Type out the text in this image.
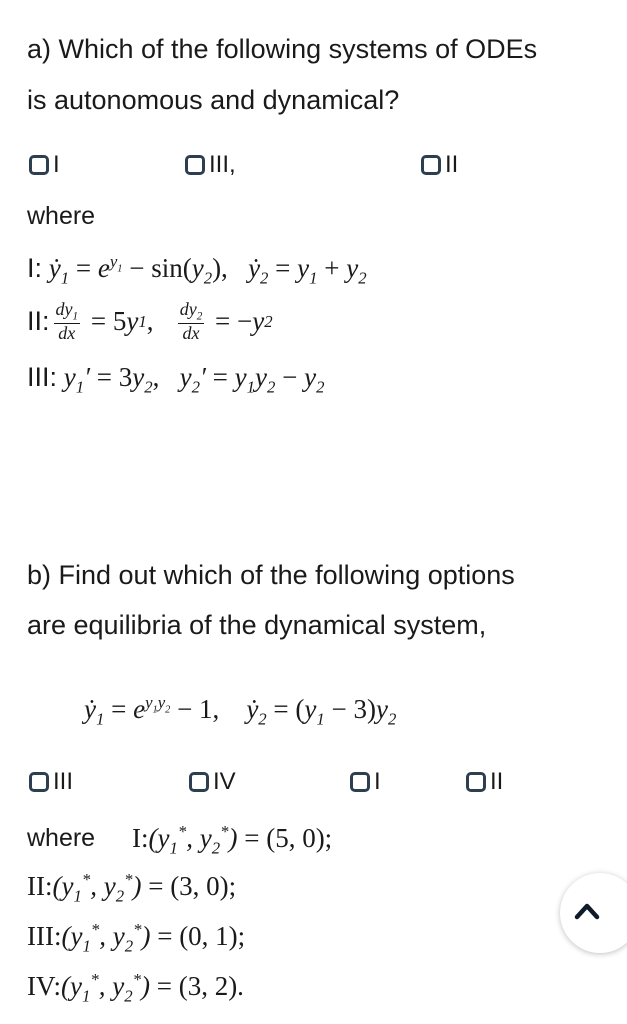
a) Which of the following systems of ODEs
is autonomous and dynamical?
I	III,	II
where
I: ẏ$_1$ = $e^{y_1} - \sin(y_2)$,   ẏ$_2$ = $y_1 + y_2$
II: $\frac{dy_1}{dx} = 5$ y 1 ,
$\frac{dy_2}{dx}$ = − y 2
III: $y_1' = 3y_2$,   $y_2' = y_1y_2 - y_2$
b) Find out which of the following options
are equilibria of the dynamical system,
ẏ$_1$ = $e^{y_1y_2} - 1$,    ẏ$_2$ = $(y_1 - 3)y_2$
III	IV	I	II
where $I:(y_1^*$, $y_2^*) = (5$, 0);
$II:(y_1^*$, $y_2^*) = (3$, 0);
$III:(y_1^*$, $y_2^*) = (0$, 1);
$IV:(y_1^*$, $y_2^*) = (3$, 2).
